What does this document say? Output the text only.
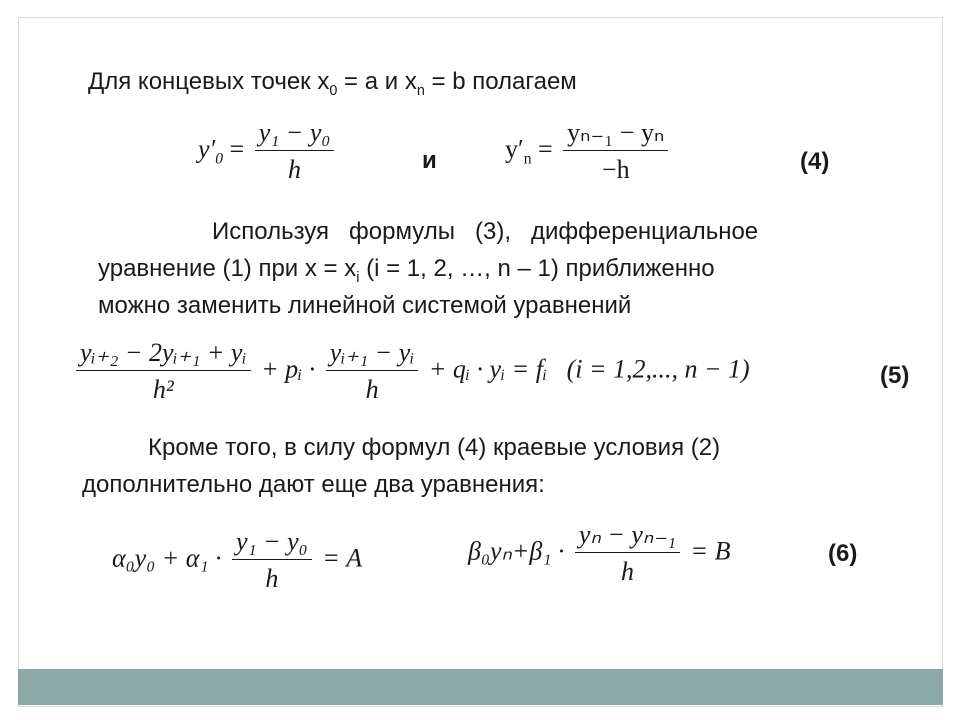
Для концевых точек $x_0 = a$ и $x_n = b$ полагаем
$y'_0 = \frac{\text{y₁ − y₀}}{h}$	и	$y'_n = \frac{\text{yₙ₋₁ − yₙ}}{-h}$	(4)
Используя   формулы   (3),   дифференциальное
уравнение (1) при $x = x_i$ (i = 1, 2, …, n – 1) приближенно
можно заменить линейной системой уравнений
$\frac{\text{yᵢ₊₂ − 2yᵢ₊₁ + yᵢ}}{\text{h²}}$ + pᵢ · $\frac{\text{yᵢ₊₁ − yᵢ}}{h}$ + qᵢ · yᵢ = fᵢ (i = 1,2,..., n − 1)	(5)
Кроме того, в силу формул (4) краевые условия (2)
дополнительно дают еще два уравнения:
$\alpha_0y_0 + \alpha_1 \cdot \frac{\text{y₁ − y₀}}{h} = A$	$\beta_0y_n+\beta_1 \cdot \frac{\text{yₙ − yₙ₋₁}}{h} = B$	(6)
